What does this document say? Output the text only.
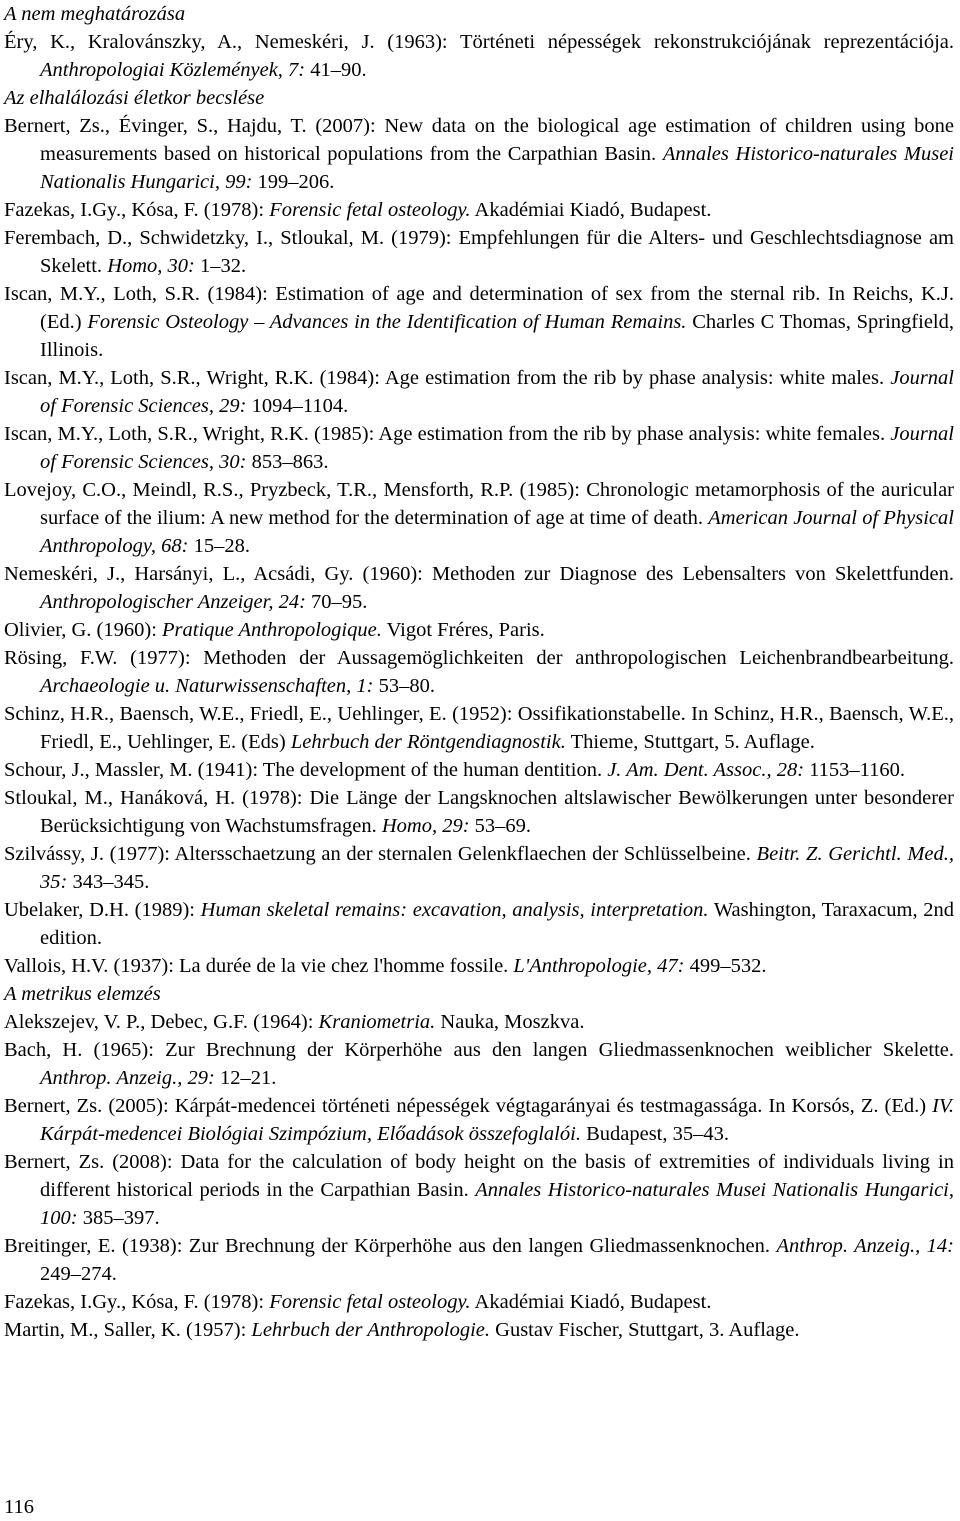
A nem meghatározása
Éry, K., Kralovánszky, A., Nemeskéri, J. (1963): Történeti népességek rekonstrukciójának reprezentációja. Anthropologiai Közlemények, 7: 41–90.
Az elhalálozási életkor becslése
Bernert, Zs., Évinger, S., Hajdu, T. (2007): New data on the biological age estimation of children using bone measurements based on historical populations from the Carpathian Basin. Annales Historico-naturales Musei Nationalis Hungarici, 99: 199–206.
Fazekas, I.Gy., Kósa, F. (1978): Forensic fetal osteology. Akadémiai Kiadó, Budapest.
Ferembach, D., Schwidetzky, I., Stloukal, M. (1979): Empfehlungen für die Alters- und Geschlechtsdiagnose am Skelett. Homo, 30: 1–32.
Iscan, M.Y., Loth, S.R. (1984): Estimation of age and determination of sex from the sternal rib. In Reichs, K.J. (Ed.) Forensic Osteology – Advances in the Identification of Human Remains. Charles C Thomas, Springfield, Illinois.
Iscan, M.Y., Loth, S.R., Wright, R.K. (1984): Age estimation from the rib by phase analysis: white males. Journal of Forensic Sciences, 29: 1094–1104.
Iscan, M.Y., Loth, S.R., Wright, R.K. (1985): Age estimation from the rib by phase analysis: white females. Journal of Forensic Sciences, 30: 853–863.
Lovejoy, C.O., Meindl, R.S., Pryzbeck, T.R., Mensforth, R.P. (1985): Chronologic metamorphosis of the auricular surface of the ilium: A new method for the determination of age at time of death. American Journal of Physical Anthropology, 68: 15–28.
Nemeskéri, J., Harsányi, L., Acsádi, Gy. (1960): Methoden zur Diagnose des Lebensalters von Skelettfunden. Anthropologischer Anzeiger, 24: 70–95.
Olivier, G. (1960): Pratique Anthropologique. Vigot Fréres, Paris.
Rösing, F.W. (1977): Methoden der Aussagemöglichkeiten der anthropologischen Leichenbrandbearbeitung. Archaeologie u. Naturwissenschaften, 1: 53–80.
Schinz, H.R., Baensch, W.E., Friedl, E., Uehlinger, E. (1952): Ossifikationstabelle. In Schinz, H.R., Baensch, W.E., Friedl, E., Uehlinger, E. (Eds) Lehrbuch der Röntgendiagnostik. Thieme, Stuttgart, 5. Auflage.
Schour, J., Massler, M. (1941): The development of the human dentition. J. Am. Dent. Assoc., 28: 1153–1160.
Stloukal, M., Hanáková, H. (1978): Die Länge der Langsknochen altslawischer Bewölkerungen unter besonderer Berücksichtigung von Wachstumsfragen. Homo, 29: 53–69.
Szilvássy, J. (1977): Altersschaetzung an der sternalen Gelenkflaechen der Schlüsselbeine. Beitr. Z. Gerichtl. Med., 35: 343–345.
Ubelaker, D.H. (1989): Human skeletal remains: excavation, analysis, interpretation. Washington, Taraxacum, 2nd edition.
Vallois, H.V. (1937): La durée de la vie chez l'homme fossile. L'Anthropologie, 47: 499–532.
A metrikus elemzés
Alekszejev, V. P., Debec, G.F. (1964): Kraniometria. Nauka, Moszkva.
Bach, H. (1965): Zur Brechnung der Körperhöhe aus den langen Gliedmassenknochen weiblicher Skelette. Anthrop. Anzeig., 29: 12–21.
Bernert, Zs. (2005): Kárpát-medencei történeti népességek végtagarányai és testmagassága. In Korsós, Z. (Ed.) IV. Kárpát-medencei Biológiai Szimpózium, Előadások összefoglalói. Budapest, 35–43.
Bernert, Zs. (2008): Data for the calculation of body height on the basis of extremities of individuals living in different historical periods in the Carpathian Basin. Annales Historico-naturales Musei Nationalis Hungarici, 100: 385–397.
Breitinger, E. (1938): Zur Brechnung der Körperhöhe aus den langen Gliedmassenknochen. Anthrop. Anzeig., 14: 249–274.
Fazekas, I.Gy., Kósa, F. (1978): Forensic fetal osteology. Akadémiai Kiadó, Budapest.
Martin, M., Saller, K. (1957): Lehrbuch der Anthropologie. Gustav Fischer, Stuttgart, 3. Auflage.
116
